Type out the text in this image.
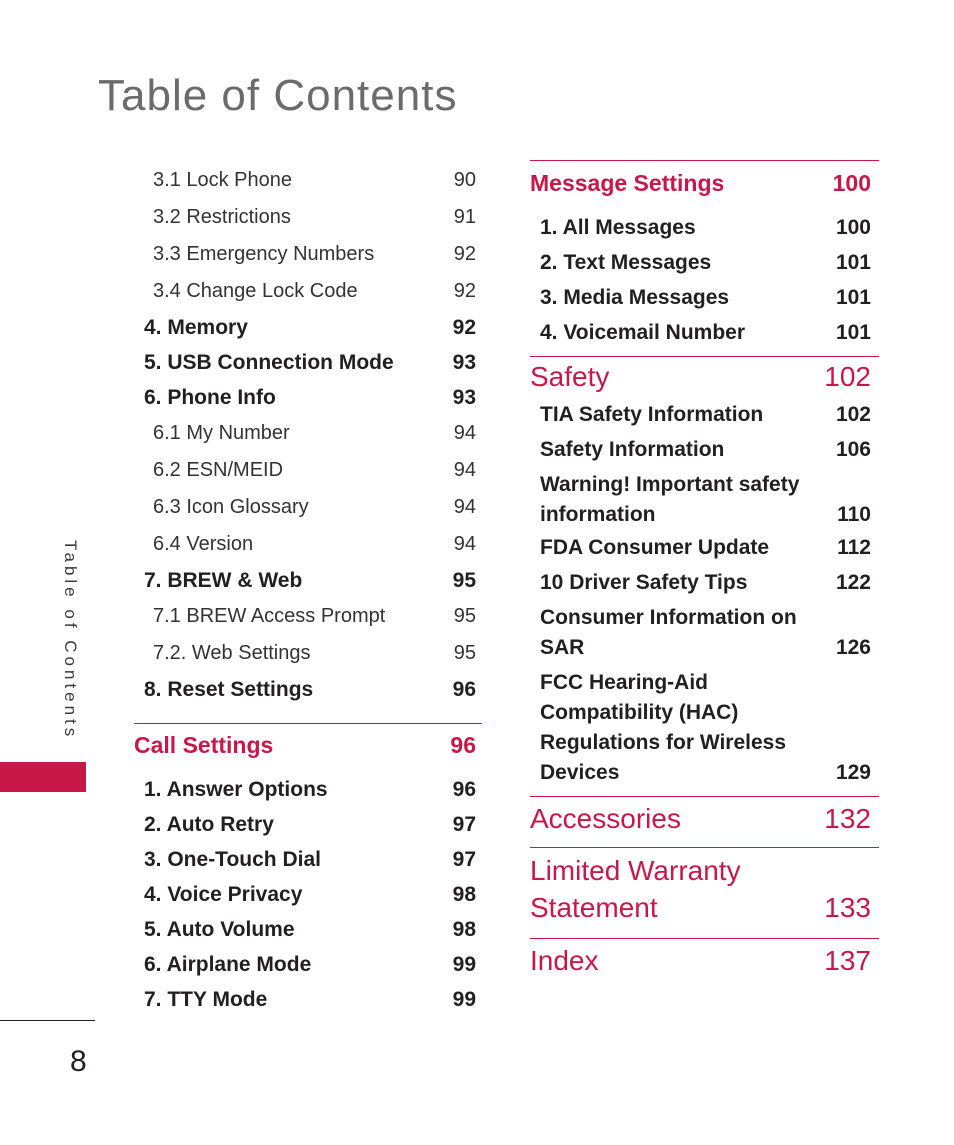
Table of Contents
Table of Contents
8
3.1 Lock Phone	90
3.2 Restrictions	91
3.3 Emergency Numbers	92
3.4 Change Lock Code	92
4. Memory	92
5. USB Connection Mode	93
6. Phone Info	93
6.1 My Number	94
6.2 ESN/MEID	94
6.3 Icon Glossary	94
6.4 Version	94
7. BREW & Web	95
7.1 BREW Access Prompt	95
7.2. Web Settings	95
8. Reset Settings	96
Call Settings	96
1. Answer Options	96
2. Auto Retry	97
3. One-Touch Dial	97
4. Voice Privacy	98
5. Auto Volume	98
6. Airplane Mode	99
7. TTY Mode	99
Message Settings	100
1. All Messages	100
2. Text Messages	101
3. Media Messages	101
4. Voicemail Number	101
Safety	102
TIA Safety Information	102
Safety Information	106
Warning! Important safety information	110
FDA Consumer Update	112
10 Driver Safety Tips	122
Consumer Information on SAR	126
FCC Hearing-Aid Compatibility (HAC) Regulations for Wireless Devices	129
Accessories	132
Limited Warranty
Statement	133
Index	137
